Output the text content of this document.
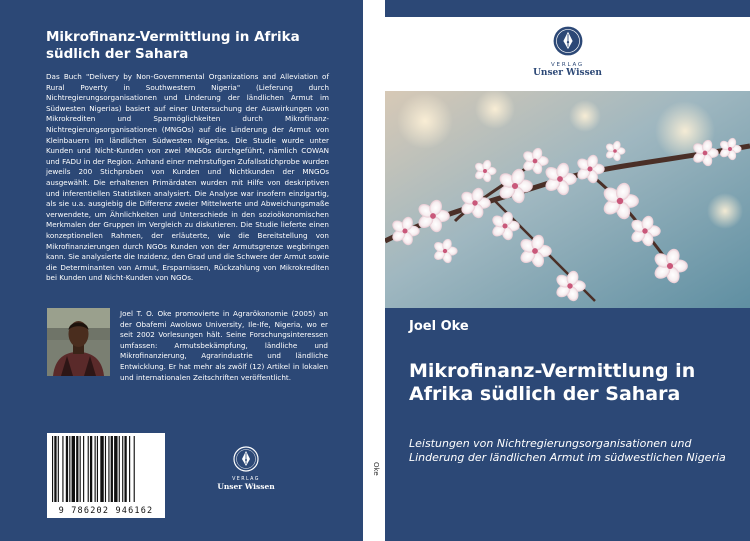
Mikrofinanz-Vermittlung in Afrika südlich der Sahara
Das Buch "Delivery by Non-Governmental Organizations and Alleviation of Rural Poverty in Southwestern Nigeria" (Lieferung durch Nichtregierungsorganisationen und Linderung der ländlichen Armut im Südwesten Nigerias) basiert auf einer Untersuchung der Auswirkungen von Mikrokrediten und Sparmöglichkeiten durch Mikrofinanz-Nichtregierungsorganisationen (MNGOs) auf die Linderung der Armut von Kleinbauern im ländlichen Südwesten Nigerias. Die Studie wurde unter Kunden und Nicht-Kunden von zwei MNGOs durchgeführt, nämlich COWAN und FADU in der Region. Anhand einer mehrstufigen Zufallsstichprobe wurden jeweils 200 Stichproben von Kunden und Nichtkunden der MNGOs ausgewählt. Die erhaltenen Primärdaten wurden mit Hilfe von deskriptiven und inferentiellen Statistiken analysiert. Die Analyse war insofern einzigartig, als sie u.a. ausgiebig die Differenz zweier Mittelwerte und Abweichungsmaße verwendete, um Ähnlichkeiten und Unterschiede in den sozioökonomischen Merkmalen der Gruppen im Vergleich zu diskutieren. Die Studie lieferte einen konzeptionellen Rahmen, der erläuterte, wie die Bereitstellung von Mikrofinanzierungen durch NGOs Kunden von der Armutsgrenze wegbringen kann. Sie analysierte die Inzidenz, den Grad und die Schwere der Armut sowie die Determinanten von Armut, Ersparnissen, Rückzahlung von Mikrokrediten bei Kunden und Nicht-Kunden von NGOs.
Joel T. O. Oke promovierte in Agrarökonomie (2005) an der Obafemi Awolowo University, Ile-Ife, Nigeria, wo er seit 2002 Vorlesungen hält. Seine Forschungsinteressen umfassen: Armutsbekämpfung, ländliche und Mikrofinanzierung, Agrarindustrie und ländliche Entwicklung. Er hat mehr als zwölf (12) Artikel in lokalen und internationalen Zeitschriften veröffentlicht.
9 786202 946162
VERLAG
Unser Wissen
Oke
VERLAG
Unser Wissen
Joel Oke
Mikrofinanz-Vermittlung in Afrika südlich der Sahara
Leistungen von Nichtregierungsorganisationen und Linderung der ländlichen Armut im südwestlichen Nigeria
